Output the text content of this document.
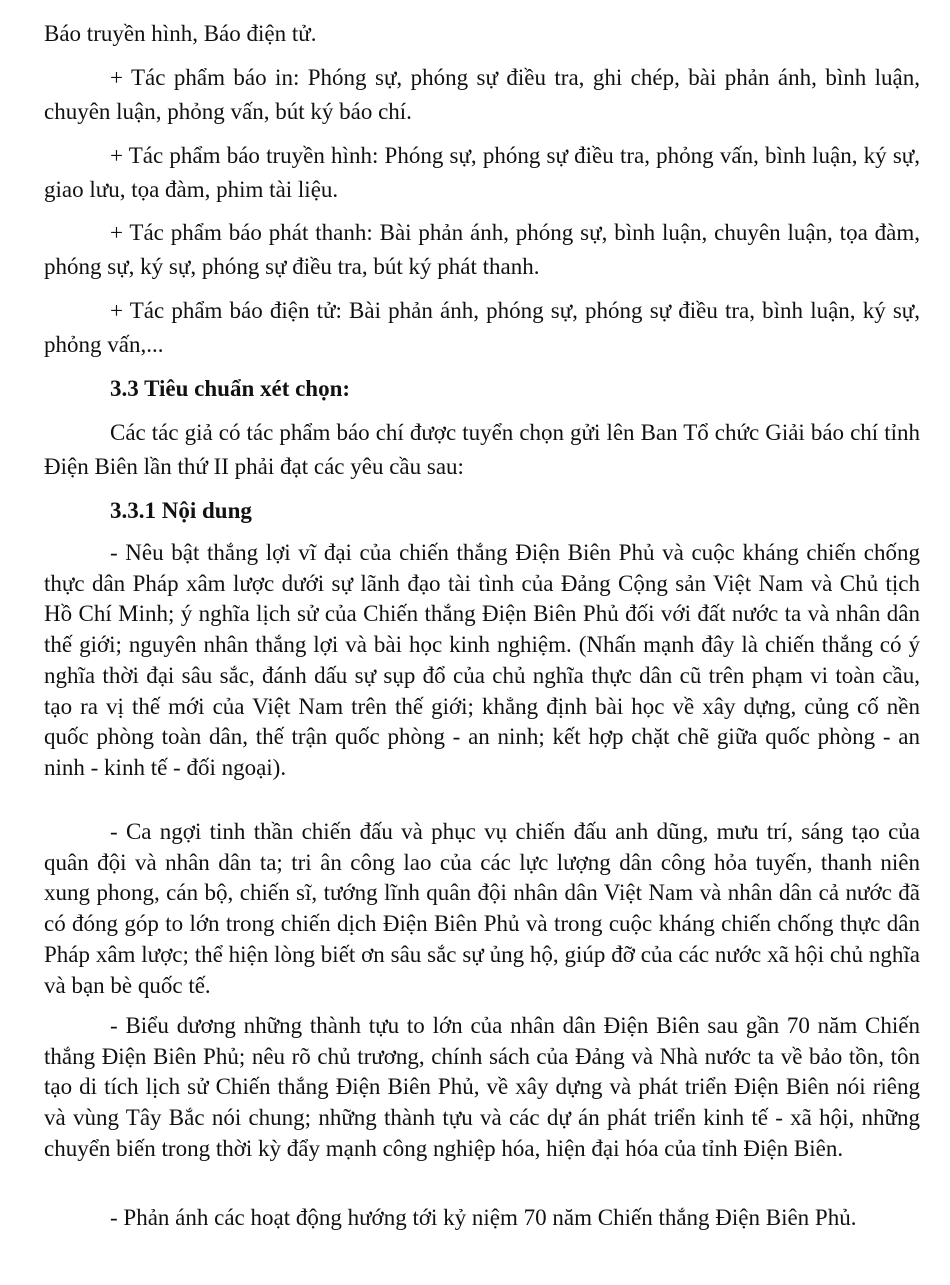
Báo truyền hình, Báo điện tử.

+ Tác phẩm báo in: Phóng sự, phóng sự điều tra, ghi chép, bài phản ánh, bình luận, chuyên luận, phỏng vấn, bút ký báo chí.

+ Tác phẩm báo truyền hình: Phóng sự, phóng sự điều tra, phỏng vấn, bình luận, ký sự, giao lưu, tọa đàm, phim tài liệu.

+ Tác phẩm báo phát thanh: Bài phản ánh, phóng sự, bình luận, chuyên luận, tọa đàm, phóng sự, ký sự, phóng sự điều tra, bút ký phát thanh.

+ Tác phẩm báo điện tử: Bài phản ánh, phóng sự, phóng sự điều tra, bình luận, ký sự, phỏng vấn,...

3.3 Tiêu chuẩn xét chọn:

Các tác giả có tác phẩm báo chí được tuyển chọn gửi lên Ban Tổ chức Giải báo chí tỉnh Điện Biên lần thứ II phải đạt các yêu cầu sau:

3.3.1 Nội dung

- Nêu bật thắng lợi vĩ đại của chiến thắng Điện Biên Phủ và cuộc kháng chiến chống thực dân Pháp xâm lược dưới sự lãnh đạo tài tình của Đảng Cộng sản Việt Nam và Chủ tịch Hồ Chí Minh; ý nghĩa lịch sử của Chiến thắng Điện Biên Phủ đối với đất nước ta và nhân dân thế giới; nguyên nhân thắng lợi và bài học kinh nghiệm. (Nhấn mạnh đây là chiến thắng có ý nghĩa thời đại sâu sắc, đánh dấu sự sụp đổ của chủ nghĩa thực dân cũ trên phạm vi toàn cầu, tạo ra vị thế mới của Việt Nam trên thế giới; khẳng định bài học về xây dựng, củng cố nền quốc phòng toàn dân, thế trận quốc phòng - an ninh; kết hợp chặt chẽ giữa quốc phòng - an ninh - kinh tế - đối ngoại).

- Ca ngợi tinh thần chiến đấu và phục vụ chiến đấu anh dũng, mưu trí, sáng tạo của quân đội và nhân dân ta; tri ân công lao của các lực lượng dân công hỏa tuyến, thanh niên xung phong, cán bộ, chiến sĩ, tướng lĩnh quân đội nhân dân Việt Nam và nhân dân cả nước đã có đóng góp to lớn trong chiến dịch Điện Biên Phủ và trong cuộc kháng chiến chống thực dân Pháp xâm lược; thể hiện lòng biết ơn sâu sắc sự ủng hộ, giúp đỡ của các nước xã hội chủ nghĩa và bạn bè quốc tế.

- Biểu dương những thành tựu to lớn của nhân dân Điện Biên sau gần 70 năm Chiến thắng Điện Biên Phủ; nêu rõ chủ trương, chính sách của Đảng và Nhà nước ta về bảo tồn, tôn tạo di tích lịch sử Chiến thắng Điện Biên Phủ, về xây dựng và phát triển Điện Biên nói riêng và vùng Tây Bắc nói chung; những thành tựu và các dự án phát triển kinh tế - xã hội, những chuyển biến trong thời kỳ đẩy mạnh công nghiệp hóa, hiện đại hóa của tỉnh Điện Biên.

- Phản ánh các hoạt động hướng tới kỷ niệm 70 năm Chiến thắng Điện Biên Phủ.
